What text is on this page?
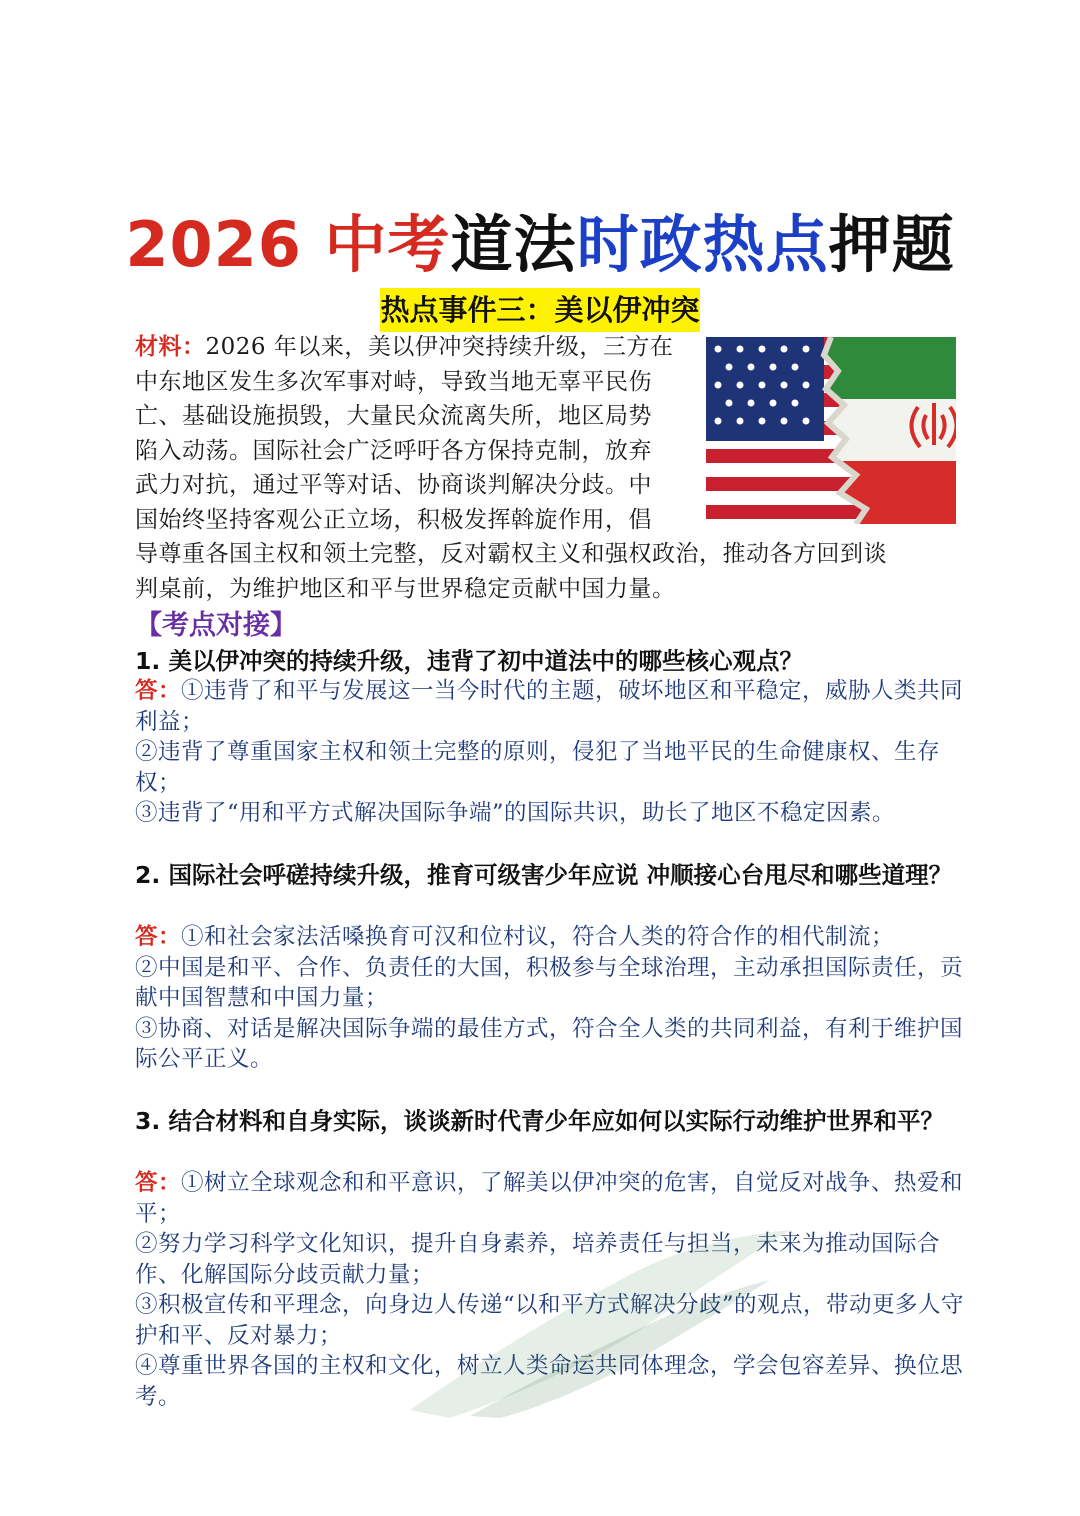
2026 中考道法时政热点押题
热点事件三：美以伊冲突
材料：2026 年以来，美以伊冲突持续升级，三方在
中东地区发生多次军事对峙，导致当地无辜平民伤
亡、基础设施损毁，大量民众流离失所，地区局势
陷入动荡。国际社会广泛呼吁各方保持克制，放弃
武力对抗，通过平等对话、协商谈判解决分歧。中
国始终坚持客观公正立场，积极发挥斡旋作用，倡
导尊重各国主权和领土完整，反对霸权主义和强权政治，推动各方回到谈
判桌前，为维护地区和平与世界稳定贡献中国力量。
【考点对接】
1. 美以伊冲突的持续升级，违背了初中道法中的哪些核心观点？

答：①违背了和平与发展这一当今时代的主题，破坏地区和平稳定，威胁人类共同利益；

②违背了尊重国家主权和领土完整的原则，侵犯了当地平民的生命健康权、生存权；

③违背了“用和平方式解决国际争端”的国际共识，助长了地区不稳定因素。

2. 国际社会呼磋持续升级，推育可级害少年应说 冲顺接心台甩尽和哪些道理？

答：①和社会家法活嗓换育可汉和位村议，符合人类的符合作的相代制流；

②中国是和平、合作、负责任的大国，积极参与全球治理，主动承担国际责任，贡献中国智慧和中国力量；

③协商、对话是解决国际争端的最佳方式，符合全人类的共同利益，有利于维护国际公平正义。

3. 结合材料和自身实际，谈谈新时代青少年应如何以实际行动维护世界和平？

答：①树立全球观念和和平意识，了解美以伊冲突的危害，自觉反对战争、热爱和平；

②努力学习科学文化知识，提升自身素养，培养责任与担当，未来为推动国际合作、化解国际分歧贡献力量；

③积极宣传和平理念，向身边人传递“以和平方式解决分歧”的观点，带动更多人守护和平、反对暴力；

④尊重世界各国的主权和文化，树立人类命运共同体理念，学会包容差异、换位思考。
